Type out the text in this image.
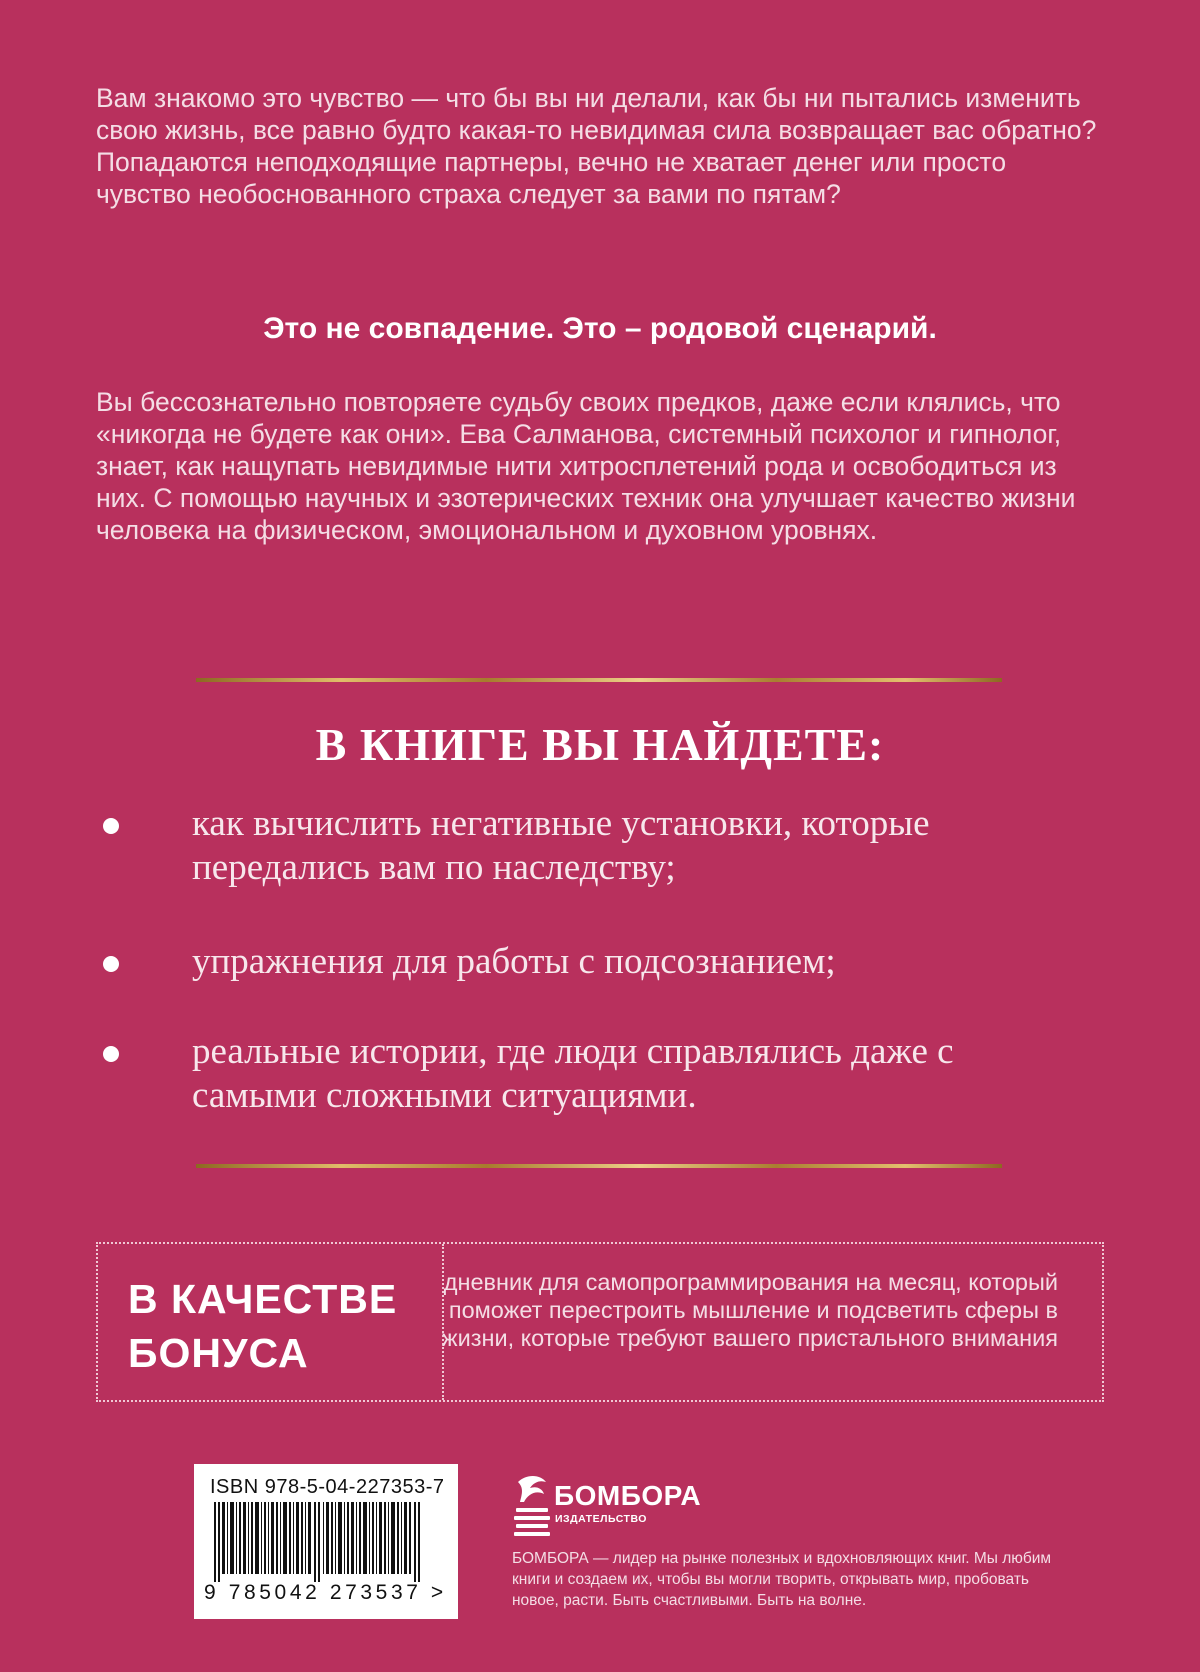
Вам знакомо это чувство — что бы вы ни делали, как бы ни пытались изменить свою жизнь, все равно будто какая-то невидимая сила возвращает вас обратно? Попадаются неподходящие партнеры, вечно не хватает денег или просто чувство необоснованного страха следует за вами по пятам?

Это не совпадение. Это – родовой сценарий.

Вы бессознательно повторяете судьбу своих предков, даже если клялись, что «никогда не будете как они». Ева Салманова, системный психолог и гипнолог, знает, как нащупать невидимые нити хитросплетений рода и освободиться из них. С помощью научных и эзотерических техник она улучшает качество жизни человека на физическом, эмоциональном и духовном уровнях.

В КНИГЕ ВЫ НАЙДЕТЕ:

как вычислить негативные установки, которые передались вам по наследству;

упражнения для работы с подсознанием;

реальные истории, где люди справлялись даже с самыми сложными ситуациями.

В КАЧЕСТВЕ БОНУСА
дневник для самопрограммирования на месяц, который поможет перестроить мышление и подсветить сферы в жизни, которые требуют вашего пристального внимания
ISBN 978-5-04-227353-7
9 785042 273537 >
БОМБОРА
ИЗДАТЕЛЬСТВО

БОМБОРА — лидер на рынке полезных и вдохновляющих книг. Мы любим книги и создаем их, чтобы вы могли творить, открывать мир, пробовать новое, расти. Быть счастливыми. Быть на волне.
